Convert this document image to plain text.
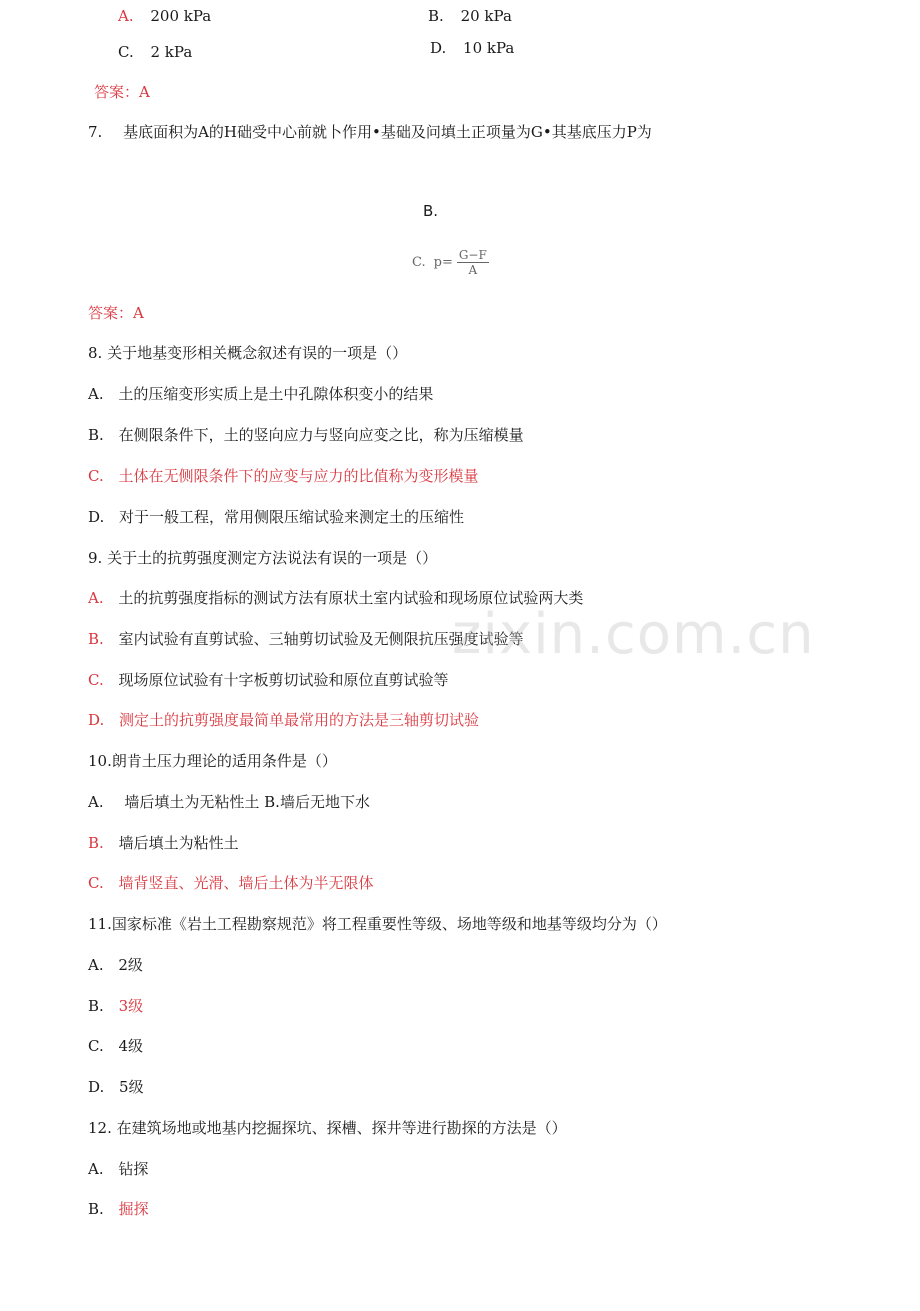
A. 200 kPa	B. 20 kPa
C. 2 kPa	D. 10 kPa
答案：A
7. 基底面积为A的H础受中心前就卜作用•基础及问填土正项量为G•其基底压力P为
B.
C. $p= \frac{G-F}{A}$
答案：A
8. 关于地基变形相关概念叙述有误的一项是（）
A. 土的压缩变形实质上是土中孔隙体积变小的结果
B. 在侧限条件下，土的竖向应力与竖向应变之比，称为压缩模量
C. 土体在无侧限条件下的应变与应力的比值称为变形模量
D. 对于一般工程，常用侧限压缩试验来测定土的压缩性
9. 关于土的抗剪强度测定方法说法有误的一项是（）
A. 土的抗剪强度指标的测试方法有原状土室内试验和现场原位试验两大类
B. 室内试验有直剪试验、三轴剪切试验及无侧限抗压强度试验等
C. 现场原位试验有十字板剪切试验和原位直剪试验等
D. 测定土的抗剪强度最简单最常用的方法是三轴剪切试验
10.朗肯土压力理论的适用条件是（）
A. 墙后填土为无粘性土 B.墙后无地下水
B. 墙后填土为粘性土
C. 墙背竖直、光滑、墙后土体为半无限体
11.国家标准《岩土工程勘察规范》将工程重要性等级、场地等级和地基等级均分为（）
A. 2级
B. 3级
C. 4级
D. 5级
12. 在建筑场地或地基内挖掘探坑、探槽、探井等进行勘探的方法是（）
A. 钻探
B. 掘探
zixin.com.cn
